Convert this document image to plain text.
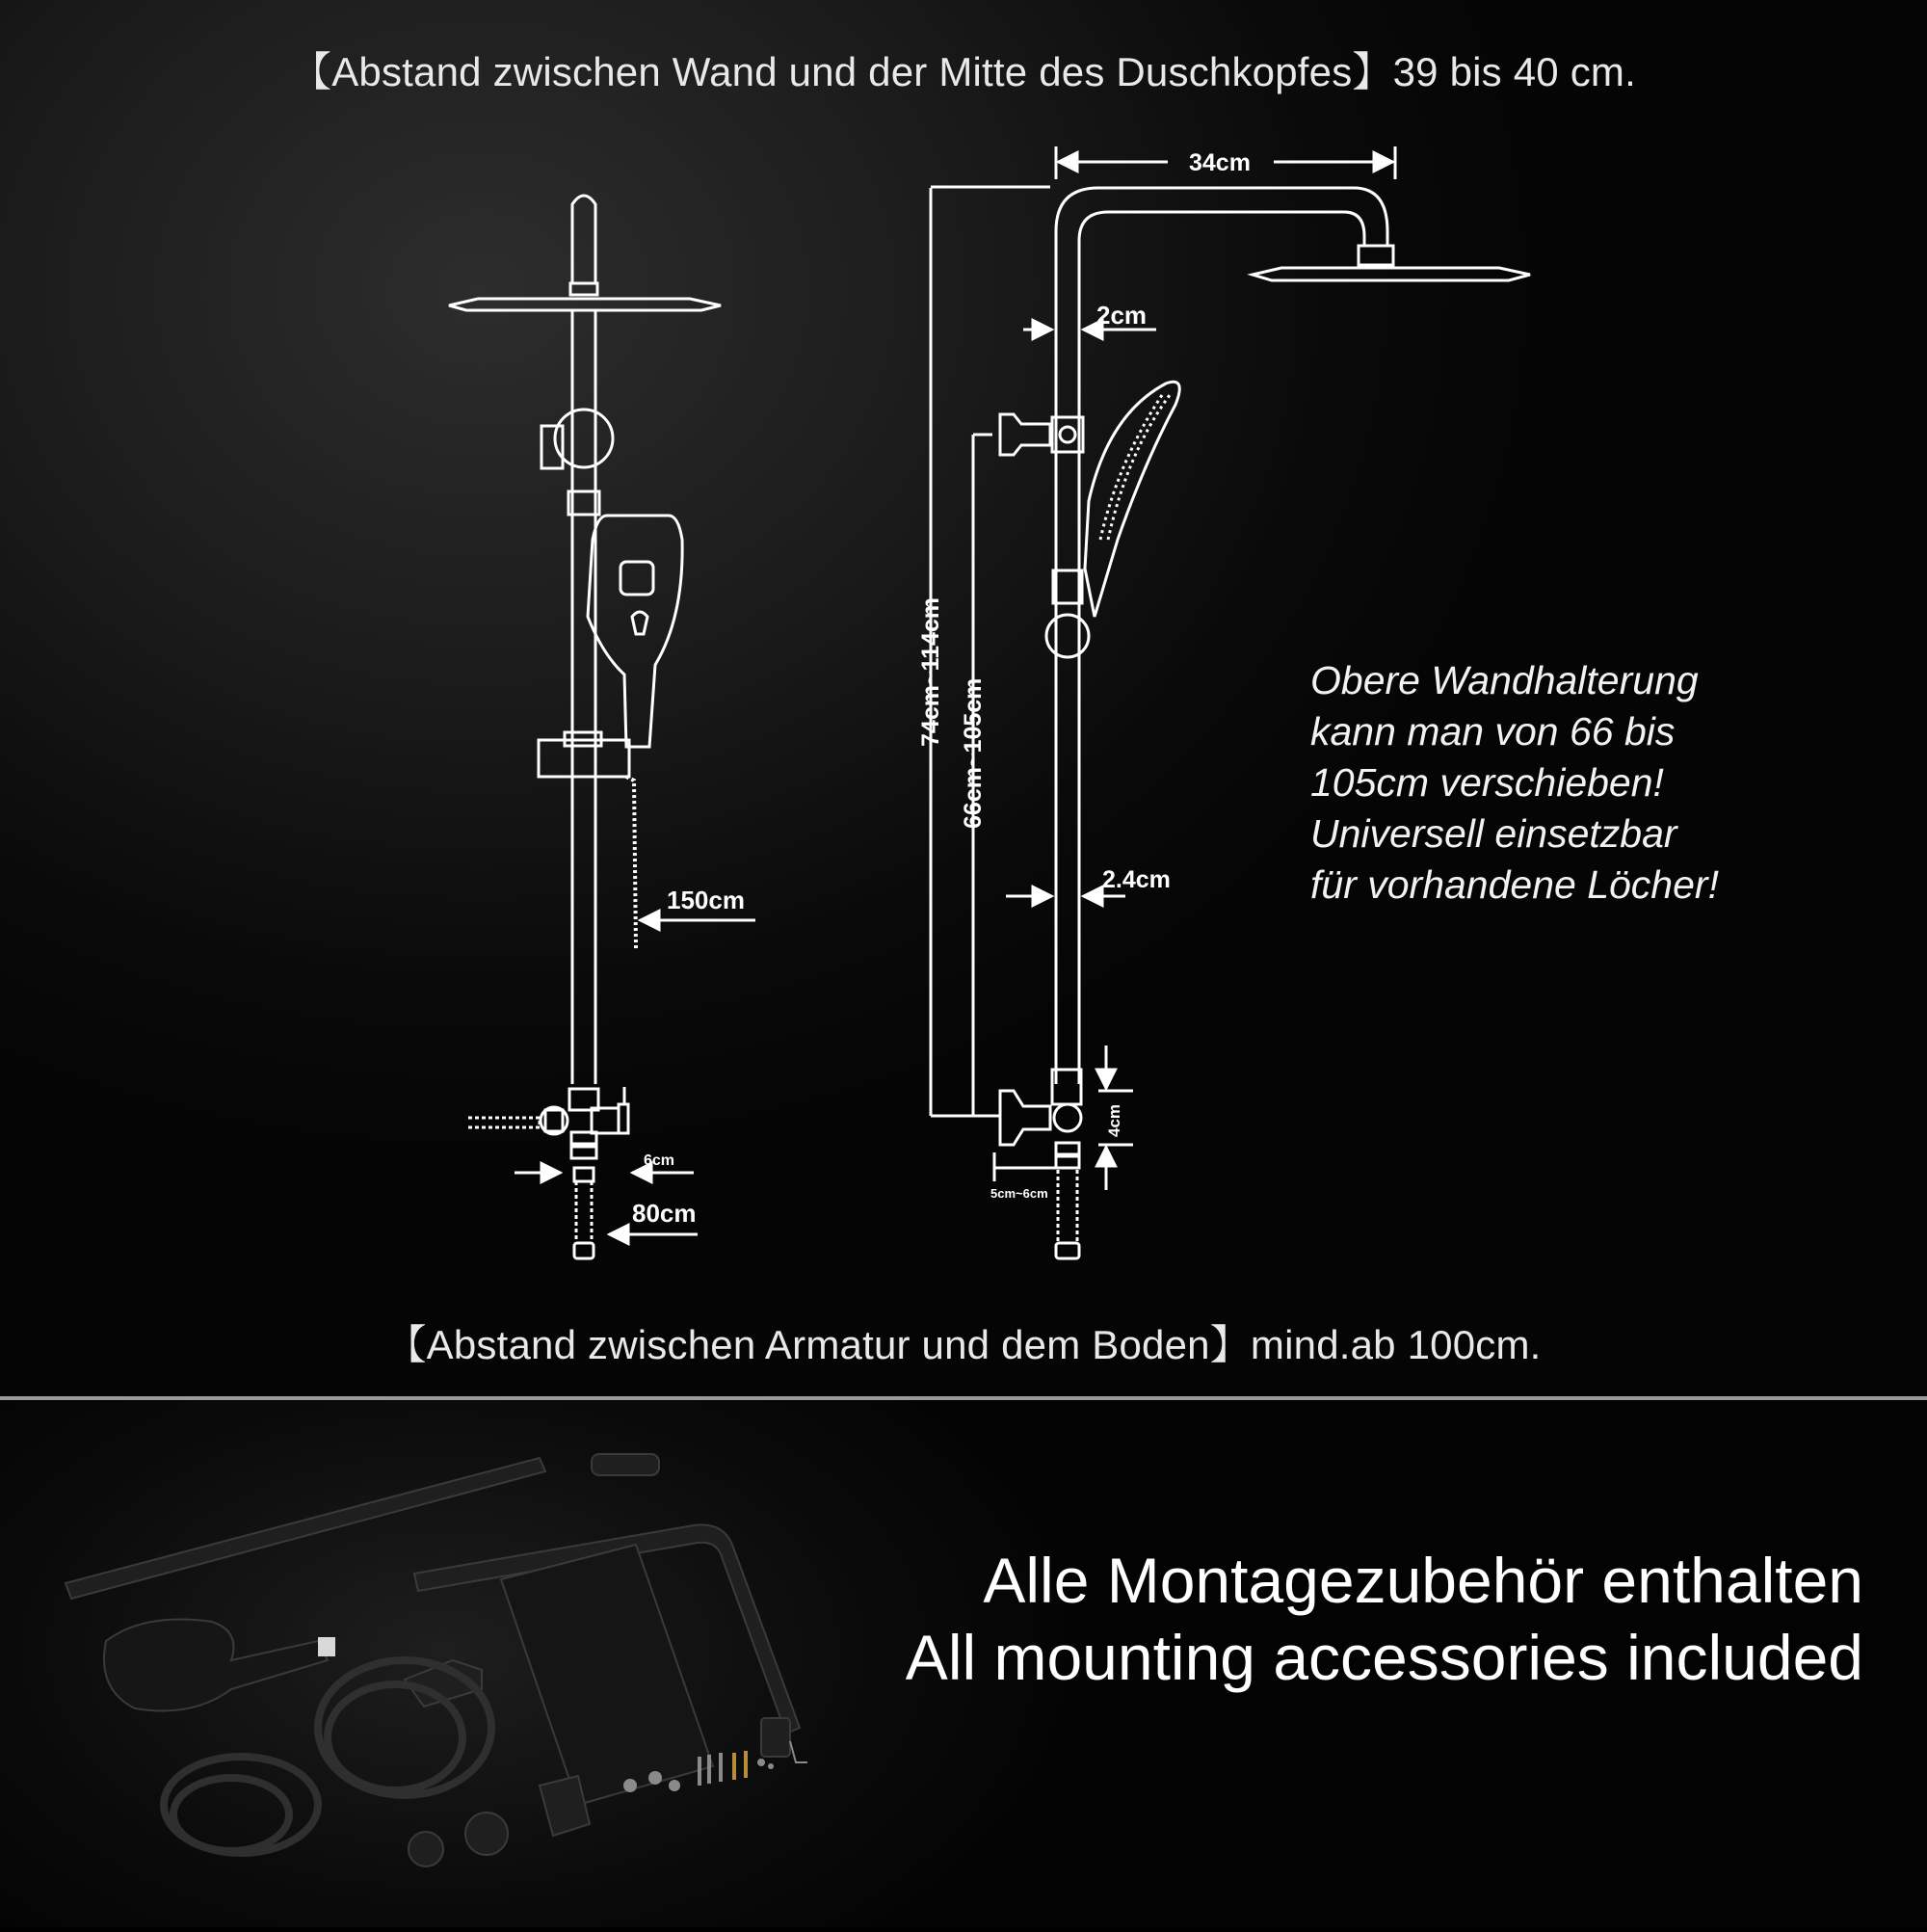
【Abstand zwischen Wand und der Mitte des Duschkopfes】39 bis 40 cm.
150cm
6cm
80cm
34cm
2cm
2.4cm
74cm~114cm
66cm~105cm
4cm
5cm~6cm
Obere Wandhalterung
kann man von 66 bis
105cm verschieben!
Universell einsetzbar
für vorhandene Löcher!
【Abstand zwischen Armatur und dem Boden】mind.ab 100cm.
Alle Montagezubehör enthalten
All mounting accessories included
